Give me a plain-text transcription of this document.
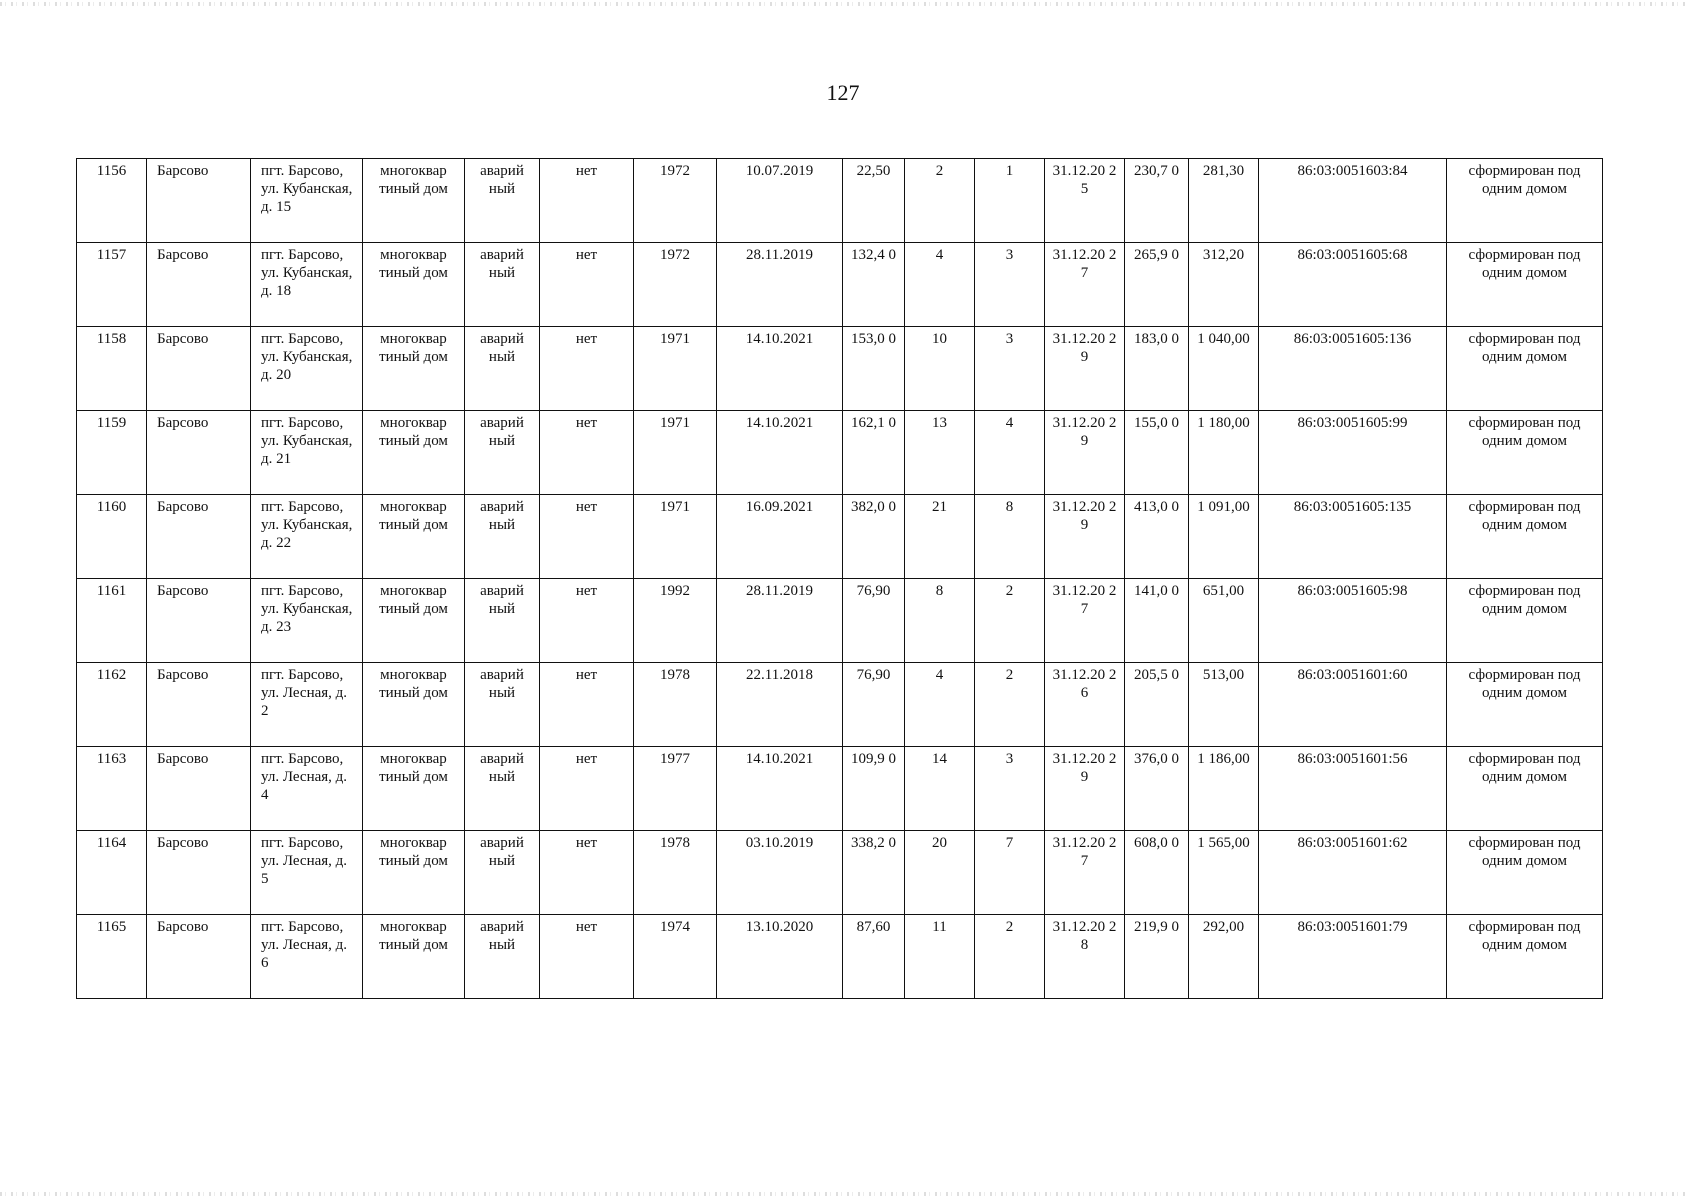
127
1156	Барсово	пгт. Барсово, ул. Кубанская, д. 15	многоквар тиный дом	аварий ный	нет	1972	10.07.2019	22,50	2	1	31.12.20 25	230,7 0	281,30	86:03:0051603:84	сформирован под одним домом
1157	Барсово	пгт. Барсово, ул. Кубанская, д. 18	многоквар тиный дом	аварий ный	нет	1972	28.11.2019	132,4 0	4	3	31.12.20 27	265,9 0	312,20	86:03:0051605:68	сформирован под одним домом
1158	Барсово	пгт. Барсово, ул. Кубанская, д. 20	многоквар тиный дом	аварий ный	нет	1971	14.10.2021	153,0 0	10	3	31.12.20 29	183,0 0	1 040,00	86:03:0051605:136	сформирован под одним домом
1159	Барсово	пгт. Барсово, ул. Кубанская, д. 21	многоквар тиный дом	аварий ный	нет	1971	14.10.2021	162,1 0	13	4	31.12.20 29	155,0 0	1 180,00	86:03:0051605:99	сформирован под одним домом
1160	Барсово	пгт. Барсово, ул. Кубанская, д. 22	многоквар тиный дом	аварий ный	нет	1971	16.09.2021	382,0 0	21	8	31.12.20 29	413,0 0	1 091,00	86:03:0051605:135	сформирован под одним домом
1161	Барсово	пгт. Барсово, ул. Кубанская, д. 23	многоквар тиный дом	аварий ный	нет	1992	28.11.2019	76,90	8	2	31.12.20 27	141,0 0	651,00	86:03:0051605:98	сформирован под одним домом
1162	Барсово	пгт. Барсово, ул. Лесная, д. 2	многоквар тиный дом	аварий ный	нет	1978	22.11.2018	76,90	4	2	31.12.20 26	205,5 0	513,00	86:03:0051601:60	сформирован под одним домом
1163	Барсово	пгт. Барсово, ул. Лесная, д. 4	многоквар тиный дом	аварий ный	нет	1977	14.10.2021	109,9 0	14	3	31.12.20 29	376,0 0	1 186,00	86:03:0051601:56	сформирован под одним домом
1164	Барсово	пгт. Барсово, ул. Лесная, д. 5	многоквар тиный дом	аварий ный	нет	1978	03.10.2019	338,2 0	20	7	31.12.20 27	608,0 0	1 565,00	86:03:0051601:62	сформирован под одним домом
1165	Барсово	пгт. Барсово, ул. Лесная, д. 6	многоквар тиный дом	аварий ный	нет	1974	13.10.2020	87,60	11	2	31.12.20 28	219,9 0	292,00	86:03:0051601:79	сформирован под одним домом
